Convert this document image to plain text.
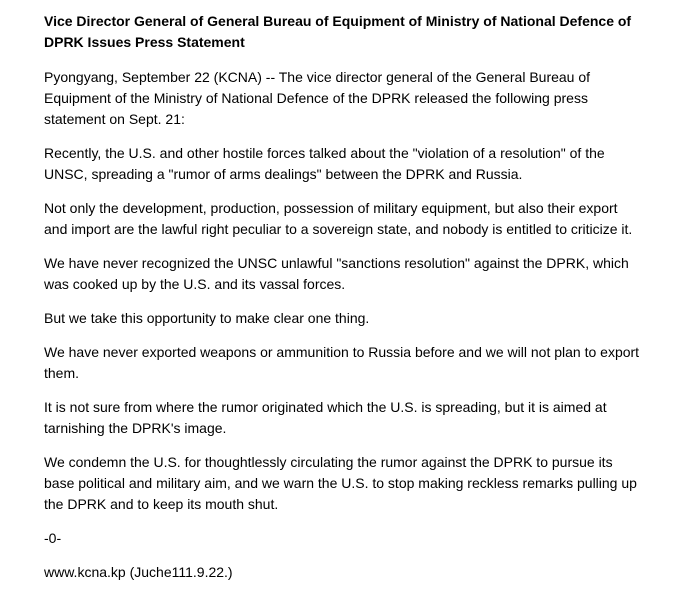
Vice Director General of General Bureau of Equipment of Ministry of National Defence of DPRK Issues Press Statement

Pyongyang, September 22 (KCNA) -- The vice director general of the General Bureau of Equipment of the Ministry of National Defence of the DPRK released the following press statement on Sept. 21:

Recently, the U.S. and other hostile forces talked about the "violation of a resolution" of the UNSC, spreading a "rumor of arms dealings" between the DPRK and Russia.

Not only the development, production, possession of military equipment, but also their export and import are the lawful right peculiar to a sovereign state, and nobody is entitled to criticize it.

We have never recognized the UNSC unlawful "sanctions resolution" against the DPRK, which was cooked up by the U.S. and its vassal forces.

But we take this opportunity to make clear one thing.

We have never exported weapons or ammunition to Russia before and we will not plan to export them.

It is not sure from where the rumor originated which the U.S. is spreading, but it is aimed at tarnishing the DPRK's image.

We condemn the U.S. for thoughtlessly circulating the rumor against the DPRK to pursue its base political and military aim, and we warn the U.S. to stop making reckless remarks pulling up the DPRK and to keep its mouth shut.

-0-

www.kcna.kp (Juche111.9.22.)
